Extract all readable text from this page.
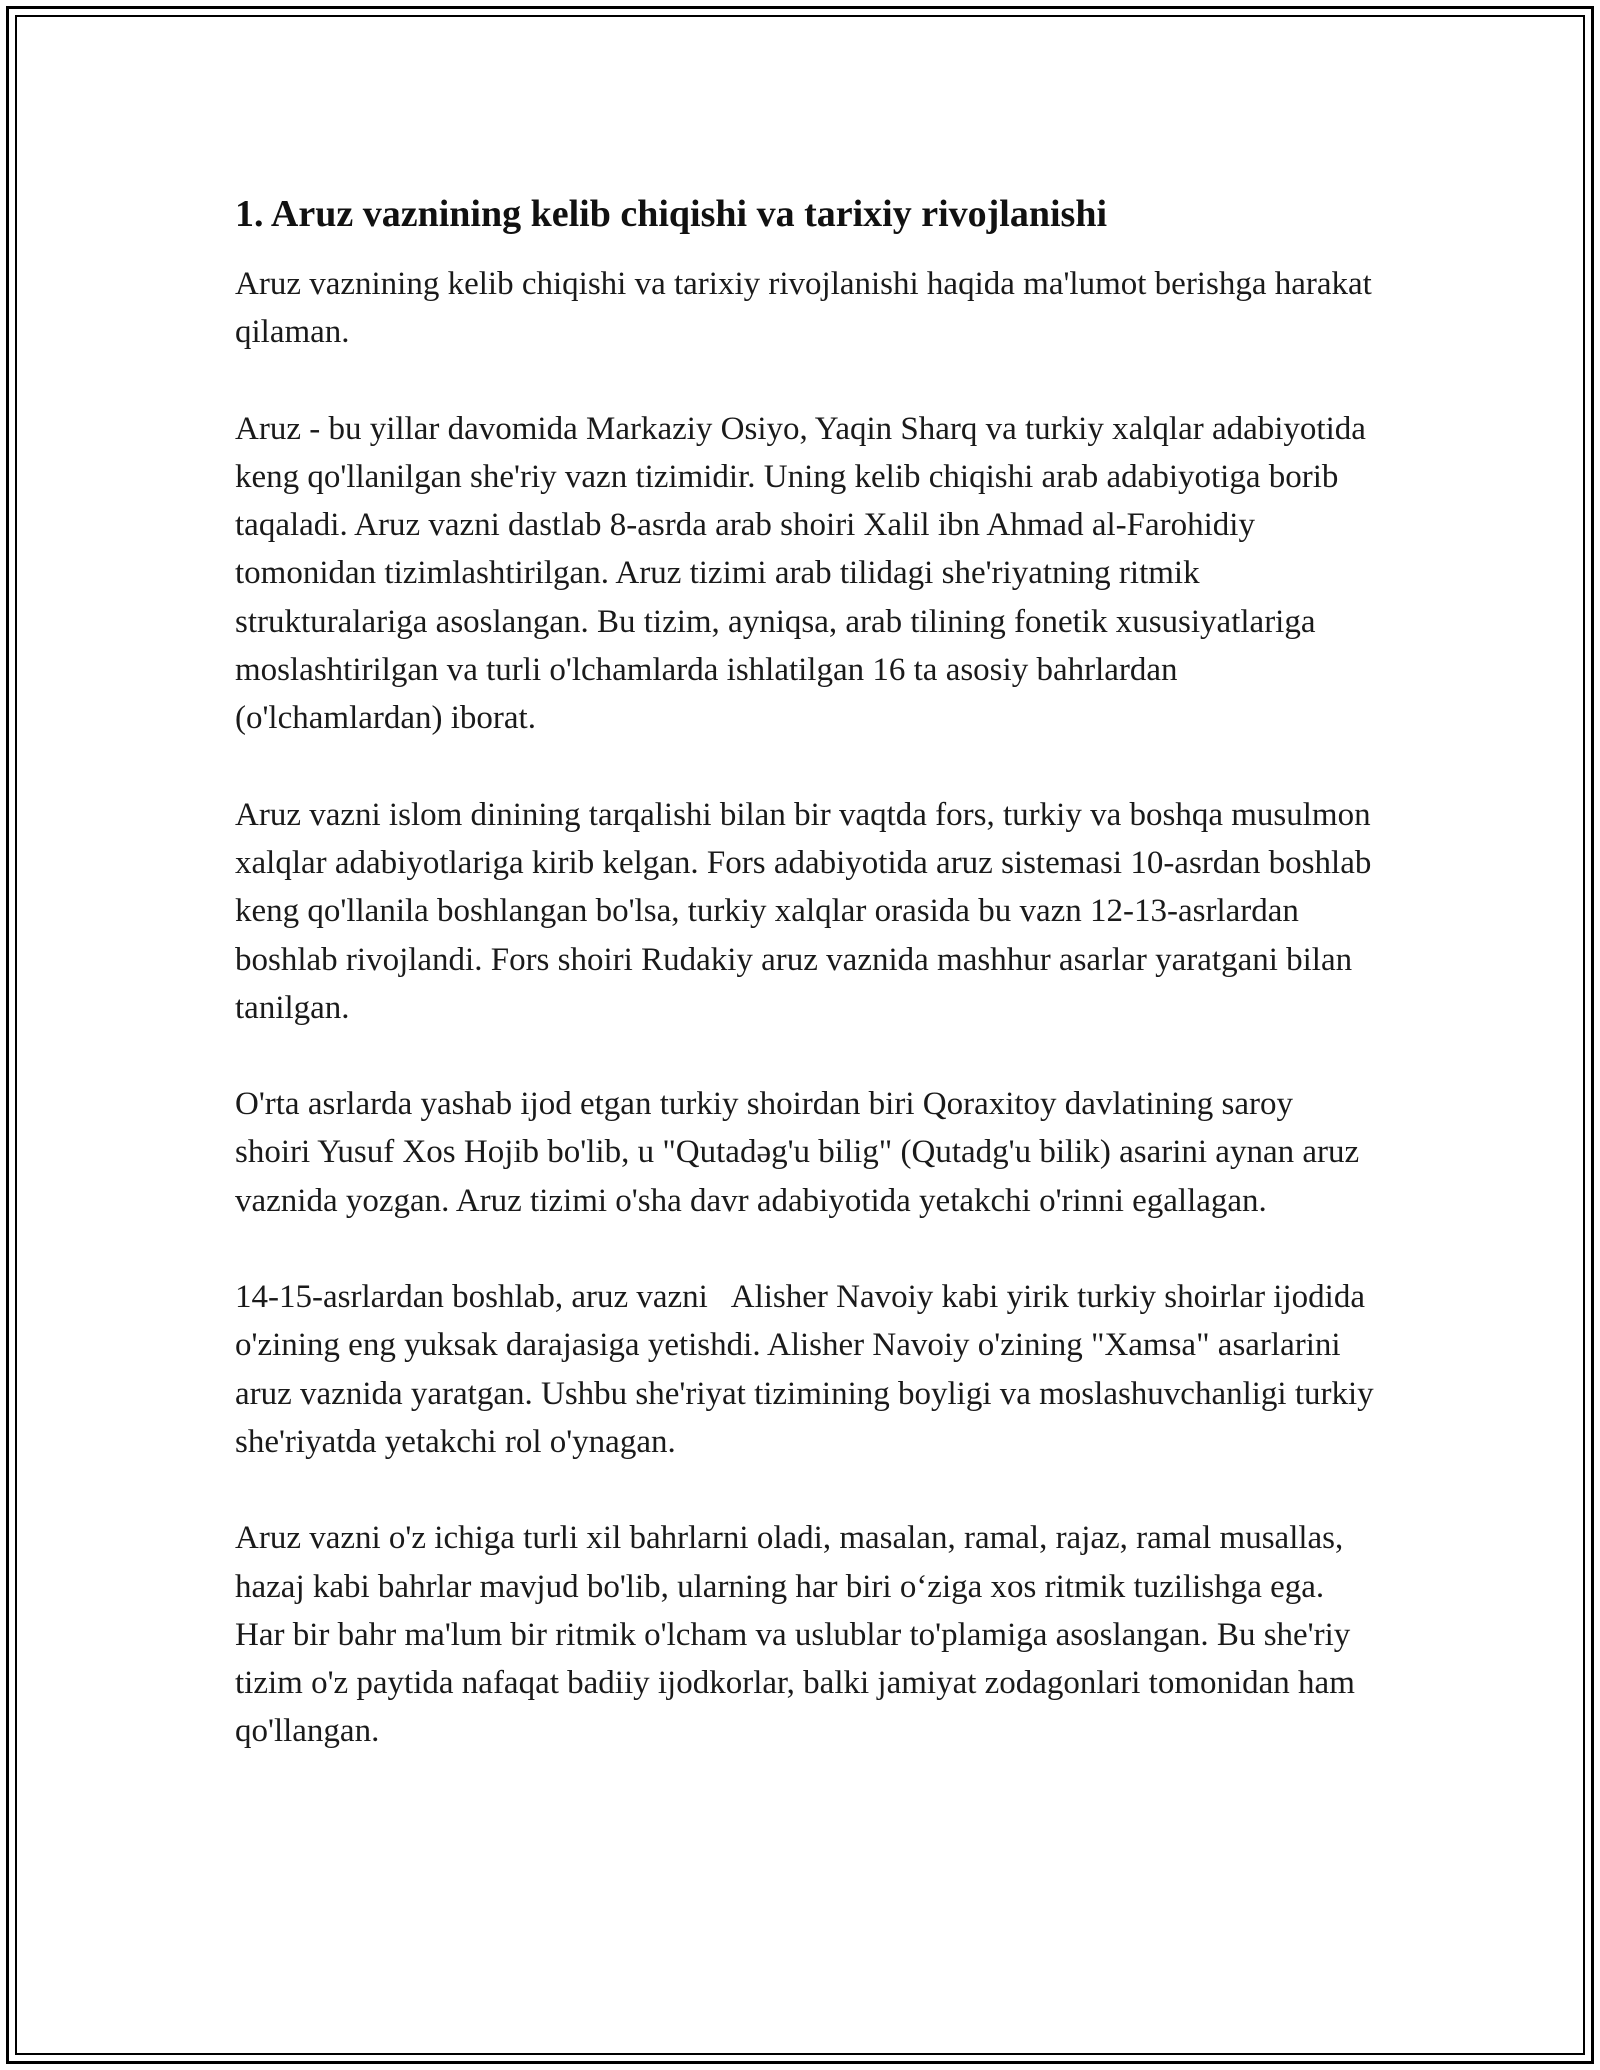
1. Aruz vaznining kelib chiqishi va tarixiy rivojlanishi

Aruz vaznining kelib chiqishi va tarixiy rivojlanishi haqida ma'lumot berishga harakat qilaman.

Aruz - bu yillar davomida Markaziy Osiyo, Yaqin Sharq va turkiy xalqlar adabiyotida keng qo'llanilgan she'riy vazn tizimidir. Uning kelib chiqishi arab adabiyotiga borib taqaladi. Aruz vazni dastlab 8-asrda arab shoiri Xalil ibn Ahmad al-Farohidiy tomonidan tizimlashtirilgan. Aruz tizimi arab tilidagi she'riyatning ritmik strukturalariga asoslangan. Bu tizim, ayniqsa, arab tilining fonetik xususiyatlariga moslashtirilgan va turli o'lchamlarda ishlatilgan 16 ta asosiy bahrlardan (o'lchamlardan) iborat.

Aruz vazni islom dinining tarqalishi bilan bir vaqtda fors, turkiy va boshqa musulmon xalqlar adabiyotlariga kirib kelgan. Fors adabiyotida aruz sistemasi 10-asrdan boshlab keng qo'llanila boshlangan bo'lsa, turkiy xalqlar orasida bu vazn 12-13-asrlardan boshlab rivojlandi. Fors shoiri Rudakiy aruz vaznida mashhur asarlar yaratgani bilan tanilgan.

O'rta asrlarda yashab ijod etgan turkiy shoirdan biri Qoraxitoy davlatining saroy shoiri Yusuf Xos Hojib bo'lib, u "Qutadəg'u bilig" (Qutadg'u bilik) asarini aynan aruz vaznida yozgan. Aruz tizimi o'sha davr adabiyotida yetakchi o'rinni egallagan.

14-15-asrlardan boshlab, aruz vazni   Alisher Navoiy kabi yirik turkiy shoirlar ijodida o'zining eng yuksak darajasiga yetishdi. Alisher Navoiy o'zining "Xamsa" asarlarini aruz vaznida yaratgan. Ushbu she'riyat tizimining boyligi va moslashuvchanligi turkiy she'riyatda yetakchi rol o'ynagan.

Aruz vazni o'z ichiga turli xil bahrlarni oladi, masalan, ramal, rajaz, ramal musallas, hazaj kabi bahrlar mavjud bo'lib, ularning har biri o‘ziga xos ritmik tuzilishga ega. Har bir bahr ma'lum bir ritmik o'lcham va uslublar to'plamiga asoslangan. Bu she'riy tizim o'z paytida nafaqat badiiy ijodkorlar, balki jamiyat zodagonlari tomonidan ham qo'llangan.
